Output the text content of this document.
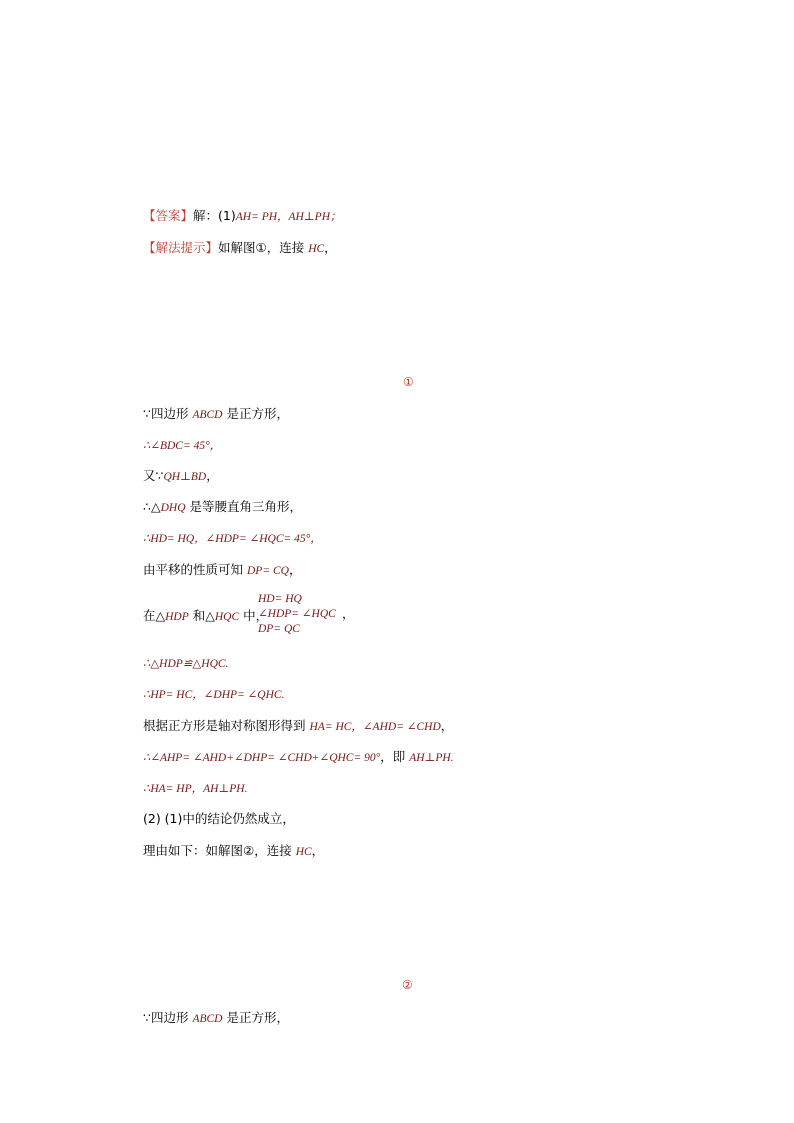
A	B
H
D P C Q
A	B
H
P D Q C
A	B
C	D
【答案】解：(1)AH= PH，AH⊥PH；
【解法提示】如解图①，连接 HC，
A	B
H
D P C Q
①
∵四边形 ABCD 是正方形，
∴∠BDC= 45°，
又∵QH⊥BD，
∴△DHQ 是等腰直角三角形，
∴HD= HQ，∠HDP= ∠HQC= 45°，
由平移的性质可知 DP= CQ，
在△HDP 和△HQC 中，
HD= HQ
∠HDP= ∠HQC
DP= QC
，
∴△HDP≌△HQC.
∴HP= HC，∠DHP= ∠QHC.
根据正方形是轴对称图形得到 HA= HC，∠AHD= ∠CHD，
∴∠AHP= ∠AHD+∠DHP= ∠CHD+∠QHC= 90°，即 AH⊥PH.
∴HA= HP，AH⊥PH.
(2) (1)中的结论仍然成立，
理由如下：如解图②，连接 HC，
A	B
H
P D Q C
②
∵四边形 ABCD 是正方形，
